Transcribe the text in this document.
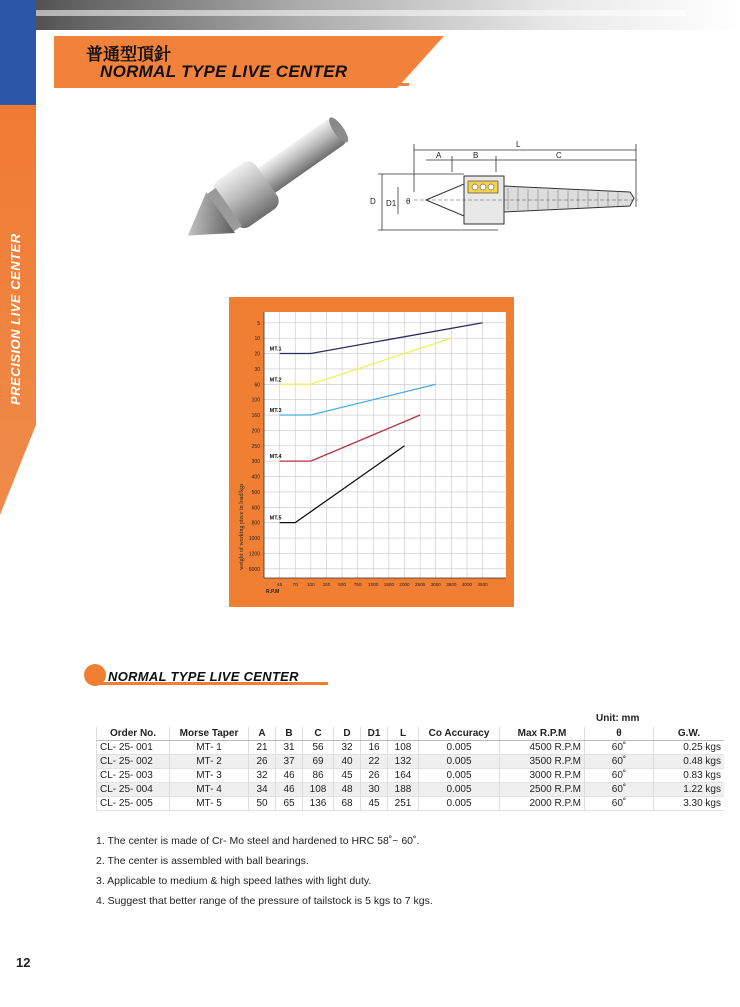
PRECISION LIVE CENTER
普通型頂針
NORMAL TYPE LIVE CENTER
L
A	B	C
D D1 θ
5
10
20
30
60
100
160
200
250
300
400
500
600
800
1000
1200
6000
45 70 100 250 500 750 1000 1500 2000 2500 3000 3500 4000 4500
R.P.M
weight of working piece in load/kgs
MT.1
MT.2
MT.3
MT.4
MT.5
NORMAL TYPE LIVE CENTER
Unit: mm
Order No.	Morse Taper	A	B	C	D	D1	L	Co Accuracy	Max R.P.M	θ	G.W.
CL- 25- 001	MT- 1	21	31	56	32	16	108	0.005	4500 R.P.M	60˚	0.25 kgs
CL- 25- 002	MT- 2	26	37	69	40	22	132	0.005	3500 R.P.M	60˚	0.48 kgs
CL- 25- 003	MT- 3	32	46	86	45	26	164	0.005	3000 R.P.M	60˚	0.83 kgs
CL- 25- 004	MT- 4	34	46	108	48	30	188	0.005	2500 R.P.M	60˚	1.22 kgs
CL- 25- 005	MT- 5	50	65	136	68	45	251	0.005	2000 R.P.M	60˚	3.30 kgs
1. The center is made of Cr- Mo steel and hardened to HRC 58˚~ 60˚.
2. The center is assembled with ball bearings.
3. Applicable to medium & high speed lathes with light duty.
4. Suggest that better range of the pressure of tailstock is 5 kgs to 7 kgs.
12
